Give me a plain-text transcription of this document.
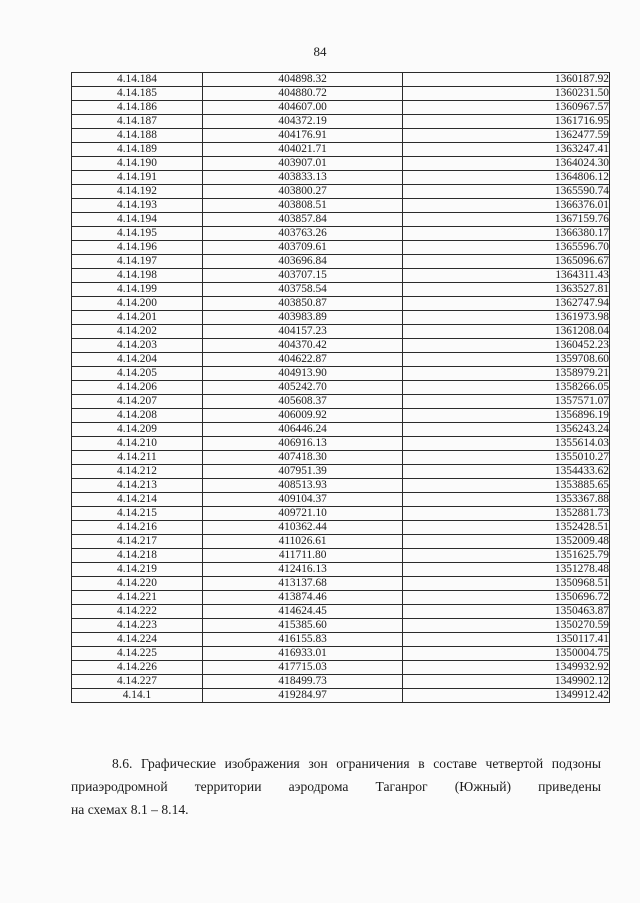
84
4.14.184	404898.32	1360187.92
4.14.185	404880.72	1360231.50
4.14.186	404607.00	1360967.57
4.14.187	404372.19	1361716.95
4.14.188	404176.91	1362477.59
4.14.189	404021.71	1363247.41
4.14.190	403907.01	1364024.30
4.14.191	403833.13	1364806.12
4.14.192	403800.27	1365590.74
4.14.193	403808.51	1366376.01
4.14.194	403857.84	1367159.76
4.14.195	403763.26	1366380.17
4.14.196	403709.61	1365596.70
4.14.197	403696.84	1365096.67
4.14.198	403707.15	1364311.43
4.14.199	403758.54	1363527.81
4.14.200	403850.87	1362747.94
4.14.201	403983.89	1361973.98
4.14.202	404157.23	1361208.04
4.14.203	404370.42	1360452.23
4.14.204	404622.87	1359708.60
4.14.205	404913.90	1358979.21
4.14.206	405242.70	1358266.05
4.14.207	405608.37	1357571.07
4.14.208	406009.92	1356896.19
4.14.209	406446.24	1356243.24
4.14.210	406916.13	1355614.03
4.14.211	407418.30	1355010.27
4.14.212	407951.39	1354433.62
4.14.213	408513.93	1353885.65
4.14.214	409104.37	1353367.88
4.14.215	409721.10	1352881.73
4.14.216	410362.44	1352428.51
4.14.217	411026.61	1352009.48
4.14.218	411711.80	1351625.79
4.14.219	412416.13	1351278.48
4.14.220	413137.68	1350968.51
4.14.221	413874.46	1350696.72
4.14.222	414624.45	1350463.87
4.14.223	415385.60	1350270.59
4.14.224	416155.83	1350117.41
4.14.225	416933.01	1350004.75
4.14.226	417715.03	1349932.92
4.14.227	418499.73	1349902.12
4.14.1	419284.97	1349912.42
8.6. Графические изображения зон ограничения в составе четвертой подзоны
приаэродромной территории аэродрома Таганрог (Южный) приведены
на схемах 8.1 – 8.14.
